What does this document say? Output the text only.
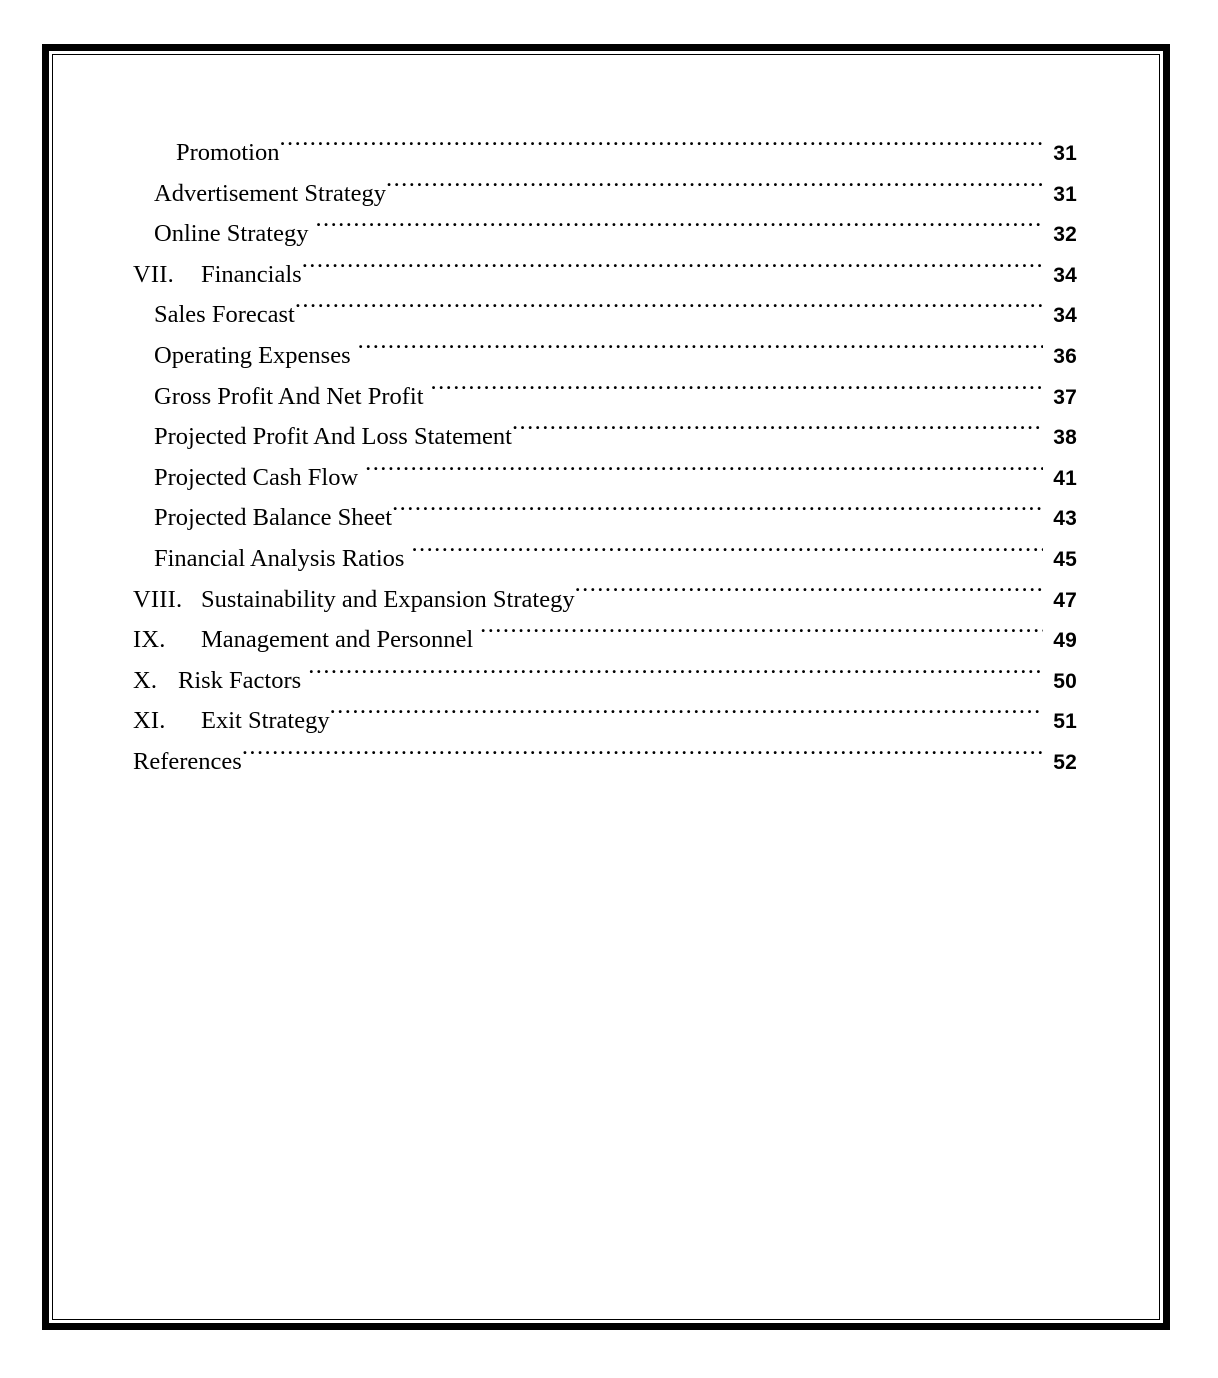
Promotion .....	31
Advertisement Strategy .....	31
Online Strategy .....	32
VII.	Financials .....	34
Sales Forecast .....	34
Operating Expenses .....	36
Gross Profit And Net Profit .....	37
Projected Profit And Loss Statement .....	38
Projected Cash Flow .....	41
Projected Balance Sheet .....	43
Financial Analysis Ratios .....	45
VIII. Sustainability and Expansion Strategy .....	47
IX.	Management and Personnel .....	49
X. Risk Factors .....	50
XI.	Exit Strategy .....	51
References .....	52
